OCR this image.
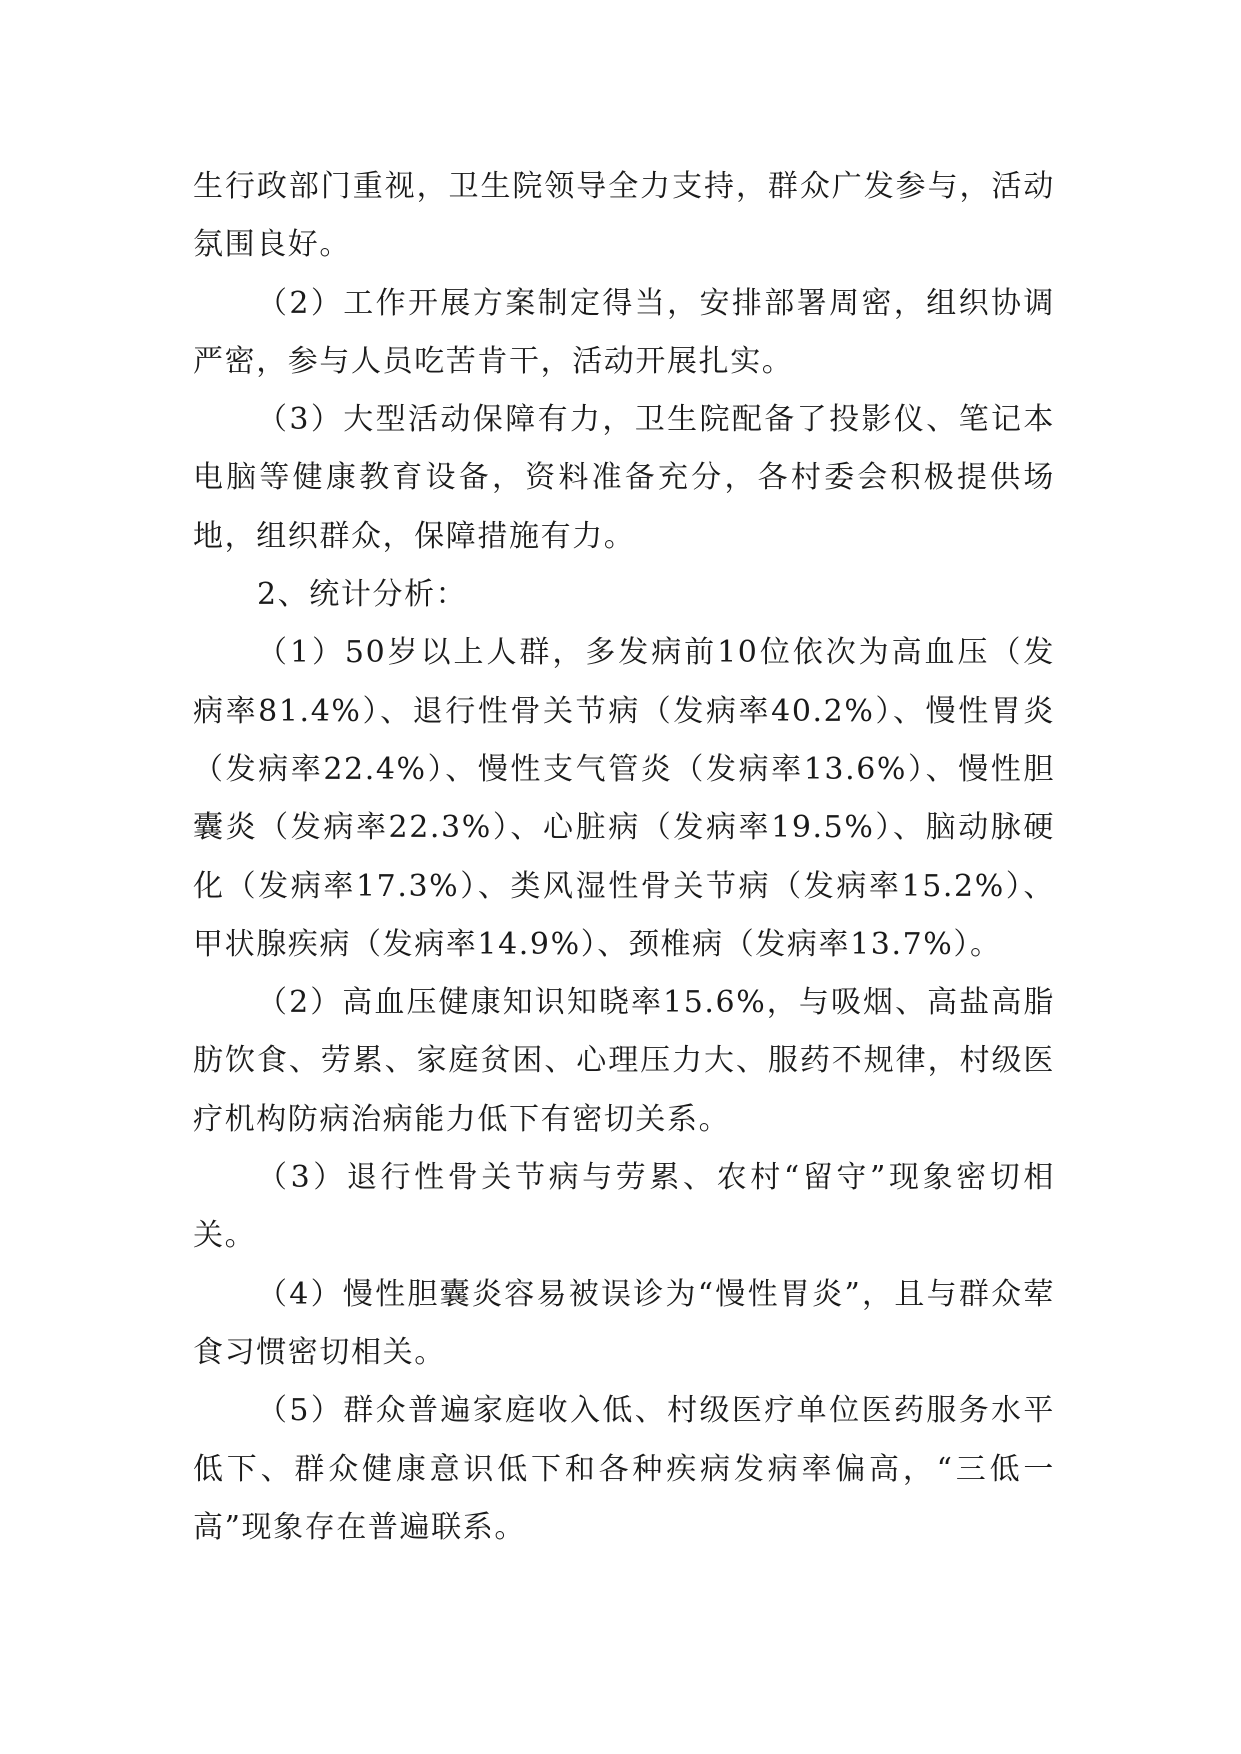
生行政部门重视，卫生院领导全力支持，群众广发参与，活动氛围良好。

（2）工作开展方案制定得当，安排部署周密，组织协调严密，参与人员吃苦肯干，活动开展扎实。

（3）大型活动保障有力，卫生院配备了投影仪、笔记本电脑等健康教育设备，资料准备充分，各村委会积极提供场地，组织群众，保障措施有力。

2、统计分析：

（1）50岁以上人群，多发病前10位依次为高血压（发病率81.4%）、退行性骨关节病（发病率40.2%）、慢性胃炎（发病率22.4%）、慢性支气管炎（发病率13.6%）、慢性胆囊炎（发病率22.3%）、心脏病（发病率19.5%）、脑动脉硬化（发病率17.3%）、类风湿性骨关节病（发病率15.2%）、甲状腺疾病（发病率14.9%）、颈椎病（发病率13.7%）。

（2）高血压健康知识知晓率15.6%，与吸烟、高盐高脂肪饮食、劳累、家庭贫困、心理压力大、服药不规律，村级医疗机构防病治病能力低下有密切关系。

（3）退行性骨关节病与劳累、农村“留守”现象密切相关。

（4）慢性胆囊炎容易被误诊为“慢性胃炎”，且与群众荤食习惯密切相关。

（5）群众普遍家庭收入低、村级医疗单位医药服务水平低下、群众健康意识低下和各种疾病发病率偏高，“三低一高”现象存在普遍联系。
